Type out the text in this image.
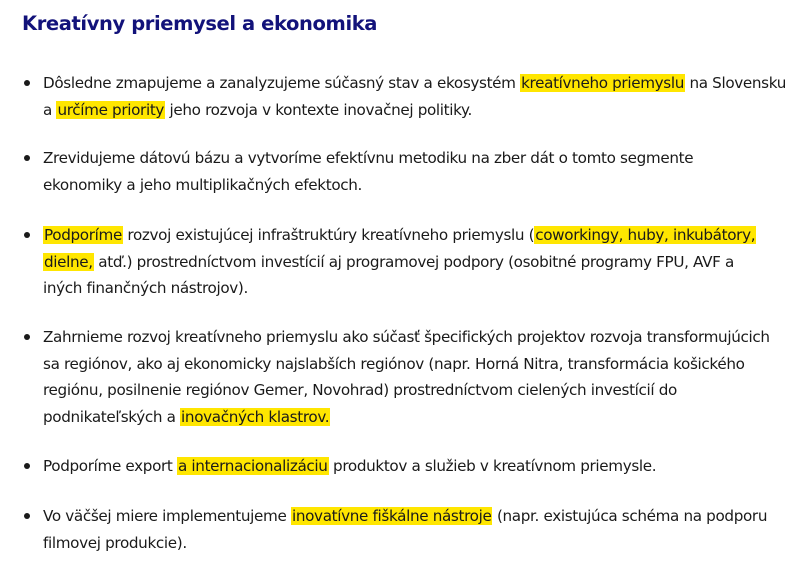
Kreatívny priemysel a ekonomika
Dôsledne zmapujeme a zanalyzujeme súčasný stav a ekosystém kreatívneho priemyslu na Slovensku
a určíme priority jeho rozvoja v kontexte inovačnej politiky.
Zrevidujeme dátovú bázu a vytvoríme efektívnu metodiku na zber dát o tomto segmente
ekonomiky a jeho multiplikačných efektoch.
Podporíme rozvoj existujúcej infraštruktúry kreatívneho priemyslu (coworkingy, huby, inkubátory,
dielne, atď.) prostredníctvom investícií aj programovej podpory (osobitné programy FPU, AVF a
iných finančných nástrojov).
Zahrnieme rozvoj kreatívneho priemyslu ako súčasť špecifických projektov rozvoja transformujúcich
sa regiónov, ako aj ekonomicky najslabších regiónov (napr. Horná Nitra, transformácia košického
regiónu, posilnenie regiónov Gemer, Novohrad) prostredníctvom cielených investícií do
podnikateľských a inovačných klastrov.
Podporíme export a internacionalizáciu produktov a služieb v kreatívnom priemysle.
Vo väčšej miere implementujeme inovatívne fiškálne nástroje (napr. existujúca schéma na podporu
filmovej produkcie).
